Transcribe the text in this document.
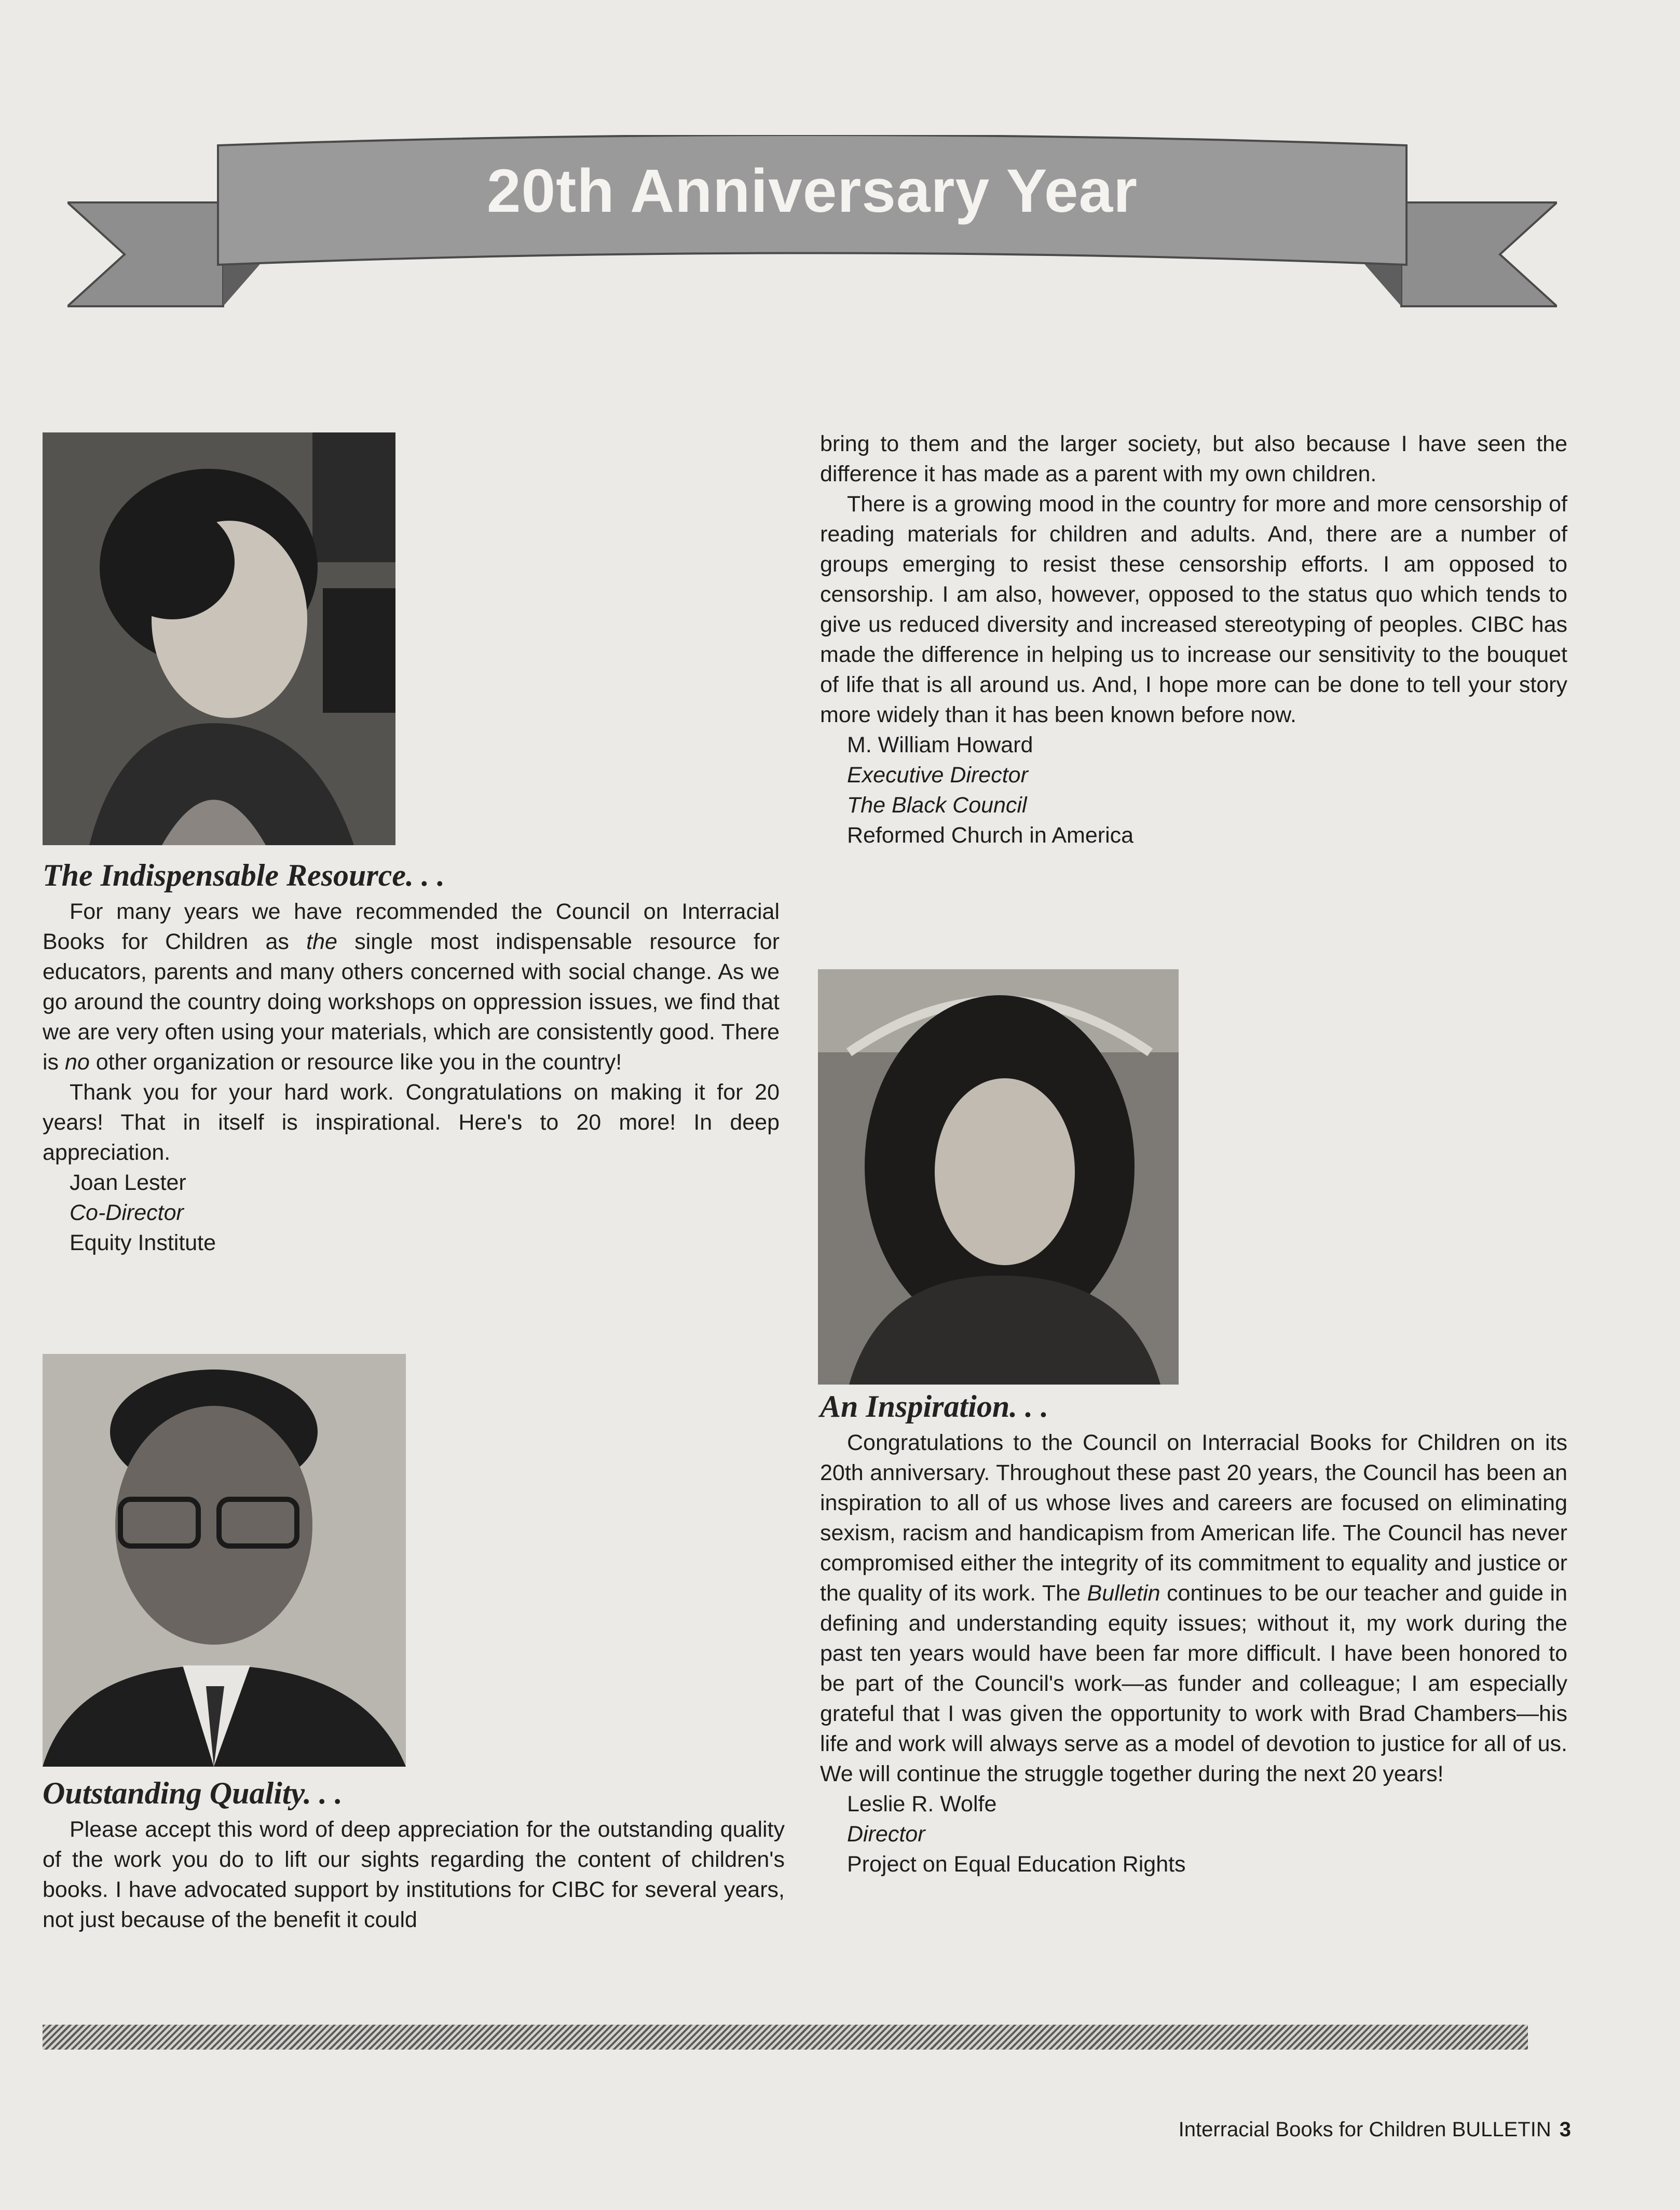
20th Anniversary Year
The Indispensable Resource. . .

For many years we have recommended the Council on Interracial Books for Children as the single most indispensable resource for educators, parents and many others concerned with social change. As we go around the country doing workshops on oppression issues, we find that we are very often using your materials, which are consistently good. There is no other organization or resource like you in the country!

Thank you for your hard work. Congratulations on making it for 20 years! That in itself is inspirational. Here's to 20 more! In deep appreciation.

Joan Lester

Co-Director

Equity Institute

Outstanding Quality. . .

Please accept this word of deep appreciation for the outstanding quality of the work you do to lift our sights regarding the content of children's books. I have advocated support by institutions for CIBC for several years, not just because of the benefit it could

bring to them and the larger society, but also because I have seen the difference it has made as a parent with my own children.

There is a growing mood in the country for more and more censorship of reading materials for children and adults. And, there are a number of groups emerging to resist these censorship efforts. I am opposed to censorship. I am also, however, opposed to the status quo which tends to give us reduced diversity and increased stereotyping of peoples. CIBC has made the difference in helping us to increase our sensitivity to the bouquet of life that is all around us. And, I hope more can be done to tell your story more widely than it has been known before now.

M. William Howard

Executive Director

The Black Council

Reformed Church in America

An Inspiration. . .

Congratulations to the Council on Interracial Books for Children on its 20th anniversary. Throughout these past 20 years, the Council has been an inspiration to all of us whose lives and careers are focused on eliminating sexism, racism and handicapism from American life. The Council has never compromised either the integrity of its commitment to equality and justice or the quality of its work. The Bulletin continues to be our teacher and guide in defining and understanding equity issues; without it, my work during the past ten years would have been far more difficult. I have been honored to be part of the Council's work—as funder and colleague; I am especially grateful that I was given the opportunity to work with Brad Chambers—his life and work will always serve as a model of devotion to justice for all of us. We will continue the struggle together during the next 20 years!

Leslie R. Wolfe

Director

Project on Equal Education Rights

Interracial Books for Children BULLETIN 3
